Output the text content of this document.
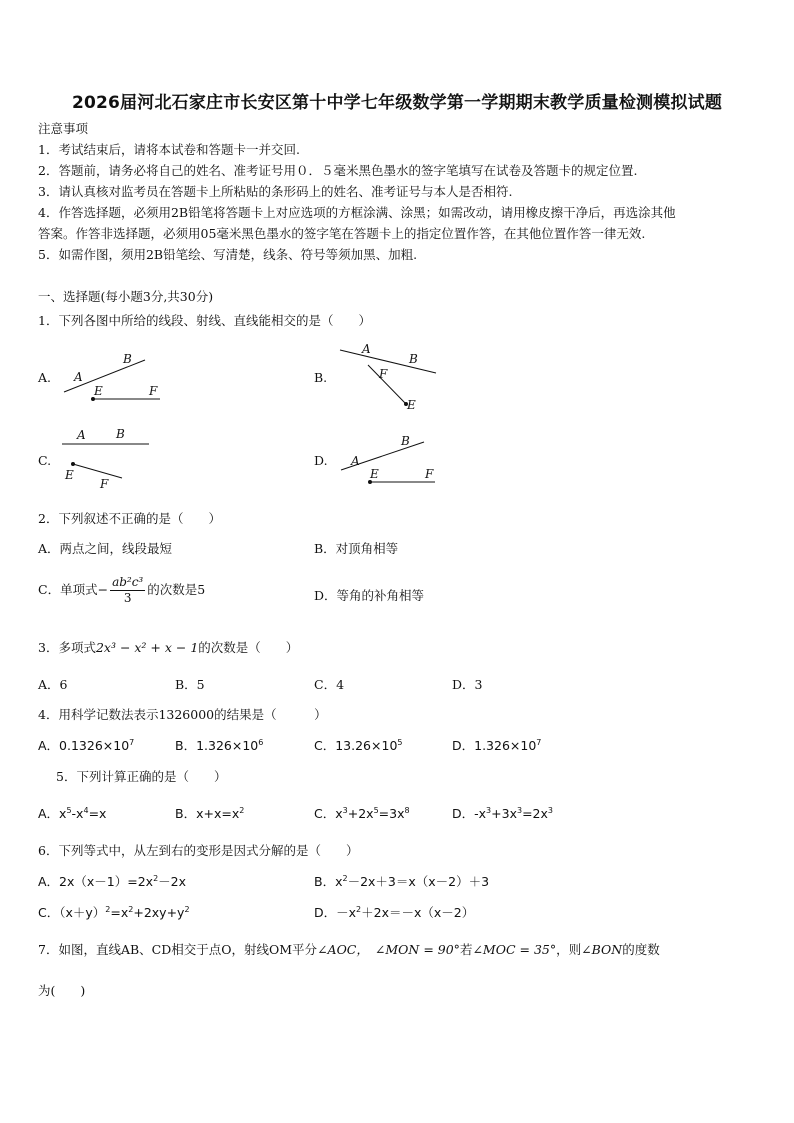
2026届河北石家庄市长安区第十中学七年级数学第一学期期末教学质量检测模拟试题
注意事项
1．考试结束后，请将本试卷和答题卡一并交回.
2．答题前，请务必将自己的姓名、准考证号用０．５毫米黑色墨水的签字笔填写在试卷及答题卡的规定位置.
3．请认真核对监考员在答题卡上所粘贴的条形码上的姓名、准考证号与本人是否相符.
4．作答选择题，必须用2B铅笔将答题卡上对应选项的方框涂满、涂黑；如需改动，请用橡皮擦干净后，再选涂其他
答案。作答非选择题，必须用05毫米黑色墨水的签字笔在答题卡上的指定位置作答，在其他位置作答一律无效.
5．如需作图，须用2B铅笔绘、写清楚，线条、符号等须加黑、加粗.
一、选择题(每小题3分,共30分)
1．下列各图中所给的线段、射线、直线能相交的是（　　）
A. A
B
E	F
B.
A
B
F
E
C.
A	B
E
F
D. A
B
E	F
2．下列叙述不正确的是（　　）
A．两点之间，线段最短	B．对顶角相等
C．单项式− $\frac{\text{ab²c³}}{3}$ 的次数是5	D．等角的补角相等
3．多项式2x³ − x² + x − 1的次数是（　　）
A．6	B．5	C．4	D．3
4．用科学记数法表示1326000的结果是（　　　）
A．$0.1326\times 10^7$	B．$1.326\times 10^6$	C．$13.26\times 10^5$	D．$1.326\times 10^7$
5．下列计算正确的是（　　）
A．$x^5-x^4=x$	B．$x+x=x^2$	C．$x^3+2x^5=3x^8$	D．$-x^3+3x^3=2x^3$
6．下列等式中，从左到右的变形是因式分解的是（　　）
A．$2x(x-1)=2x^2-2x$	B．$x^2-2x+3=x(x-2)+3$
C．$(x+y)^2=x^2+2xy+y^2$	D．$-x^2+2x=-x(x-2)$
7．如图，直线AB、CD相交于点O，射线OM平分∠AOC， ∠MON = 90°若∠MOC = 35°，则∠BON的度数
为(　　)
